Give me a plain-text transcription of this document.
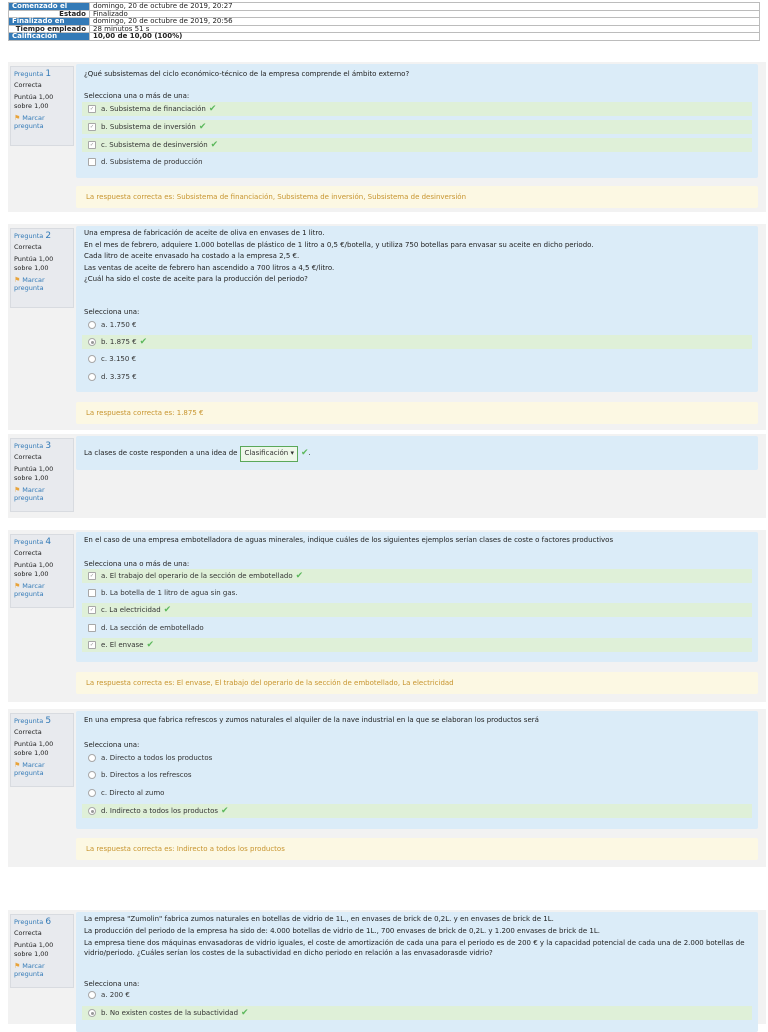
Comenzado el	domingo, 20 de octubre de 2019, 20:27
Estado	Finalizado
Finalizado en	domingo, 20 de octubre de 2019, 20:56
Tiempo empleado	28 minutos 51 s
Calificación	10,00 de 10,00 (100%)
Pregunta 1
Correcta
Puntúa 1,00 sobre 1,00
⚑ Marcar pregunta
¿Qué subsistemas del ciclo económico-técnico de la empresa comprende el ámbito externo?
Selecciona una o más de una:
✓ a. Subsistema de financiación ✔
✓ b. Subsistema de inversión ✔
✓ c. Subsistema de desinversión ✔
d. Subsistema de producción
La respuesta correcta es: Subsistema de financiación, Subsistema de inversión, Subsistema de desinversión
Pregunta 2
Correcta
Puntúa 1,00 sobre 1,00
⚑ Marcar pregunta
Una empresa de fabricación de aceite de oliva en envases de 1 litro.
En el mes de febrero, adquiere 1.000 botellas de plástico de 1 litro a 0,5 €/botella, y utiliza 750 botellas para envasar su aceite en dicho periodo.
Cada litro de aceite envasado ha costado a la empresa 2,5 €.
Las ventas de aceite de febrero han ascendido a 700 litros a 4,5 €/litro.
¿Cuál ha sido el coste de aceite para la producción del periodo?
Selecciona una:
a. 1.750 €
b. 1.875 € ✔
c. 3.150 €
d. 3.375 €
La respuesta correcta es: 1.875 €
Pregunta 3
Correcta
Puntúa 1,00 sobre 1,00
⚑ Marcar pregunta
La clases de coste responden a una idea de Clasificación ▾ ✔.
Pregunta 4
Correcta
Puntúa 1,00 sobre 1,00
⚑ Marcar pregunta
En el caso de una empresa embotelladora de aguas minerales, indique cuáles de los siguientes ejemplos serían clases de coste o factores productivos
Selecciona una o más de una:
✓ a. El trabajo del operario de la sección de embotellado ✔
b. La botella de 1 litro de agua sin gas.
✓ c. La electricidad ✔
d. La sección de embotellado
✓ e. El envase ✔
La respuesta correcta es: El envase, El trabajo del operario de la sección de embotellado, La electricidad
Pregunta 5
Correcta
Puntúa 1,00 sobre 1,00
⚑ Marcar pregunta
En una empresa que fabrica refrescos y zumos naturales el alquiler de la nave industrial en la que se elaboran los productos será
Selecciona una:
a. Directo a todos los productos
b. Directos a los refrescos
c. Directo al zumo
d. Indirecto a todos los productos ✔
La respuesta correcta es: Indirecto a todos los productos
Pregunta 6
Correcta
Puntúa 1,00 sobre 1,00
⚑ Marcar pregunta
La empresa "Zumolin" fabrica zumos naturales en botellas de vidrio de 1L., en envases de brick de 0,2L. y en envases de brick de 1L.
La producción del periodo de la empresa ha sido de: 4.000 botellas de vidrio de 1L., 700 envases de brick de 0,2L. y 1.200 envases de brick de 1L.
La empresa tiene dos máquinas envasadoras de vidrio iguales, el coste de amortización de cada una para el periodo es de 200 € y la capacidad potencial de cada una de 2.000 botellas de
vidrio/periodo. ¿Cuáles serían los costes de la subactividad en dicho periodo en relación a las envasadorasde vidrio?
Selecciona una:
a. 200 €
b. No existen costes de la subactividad ✔
